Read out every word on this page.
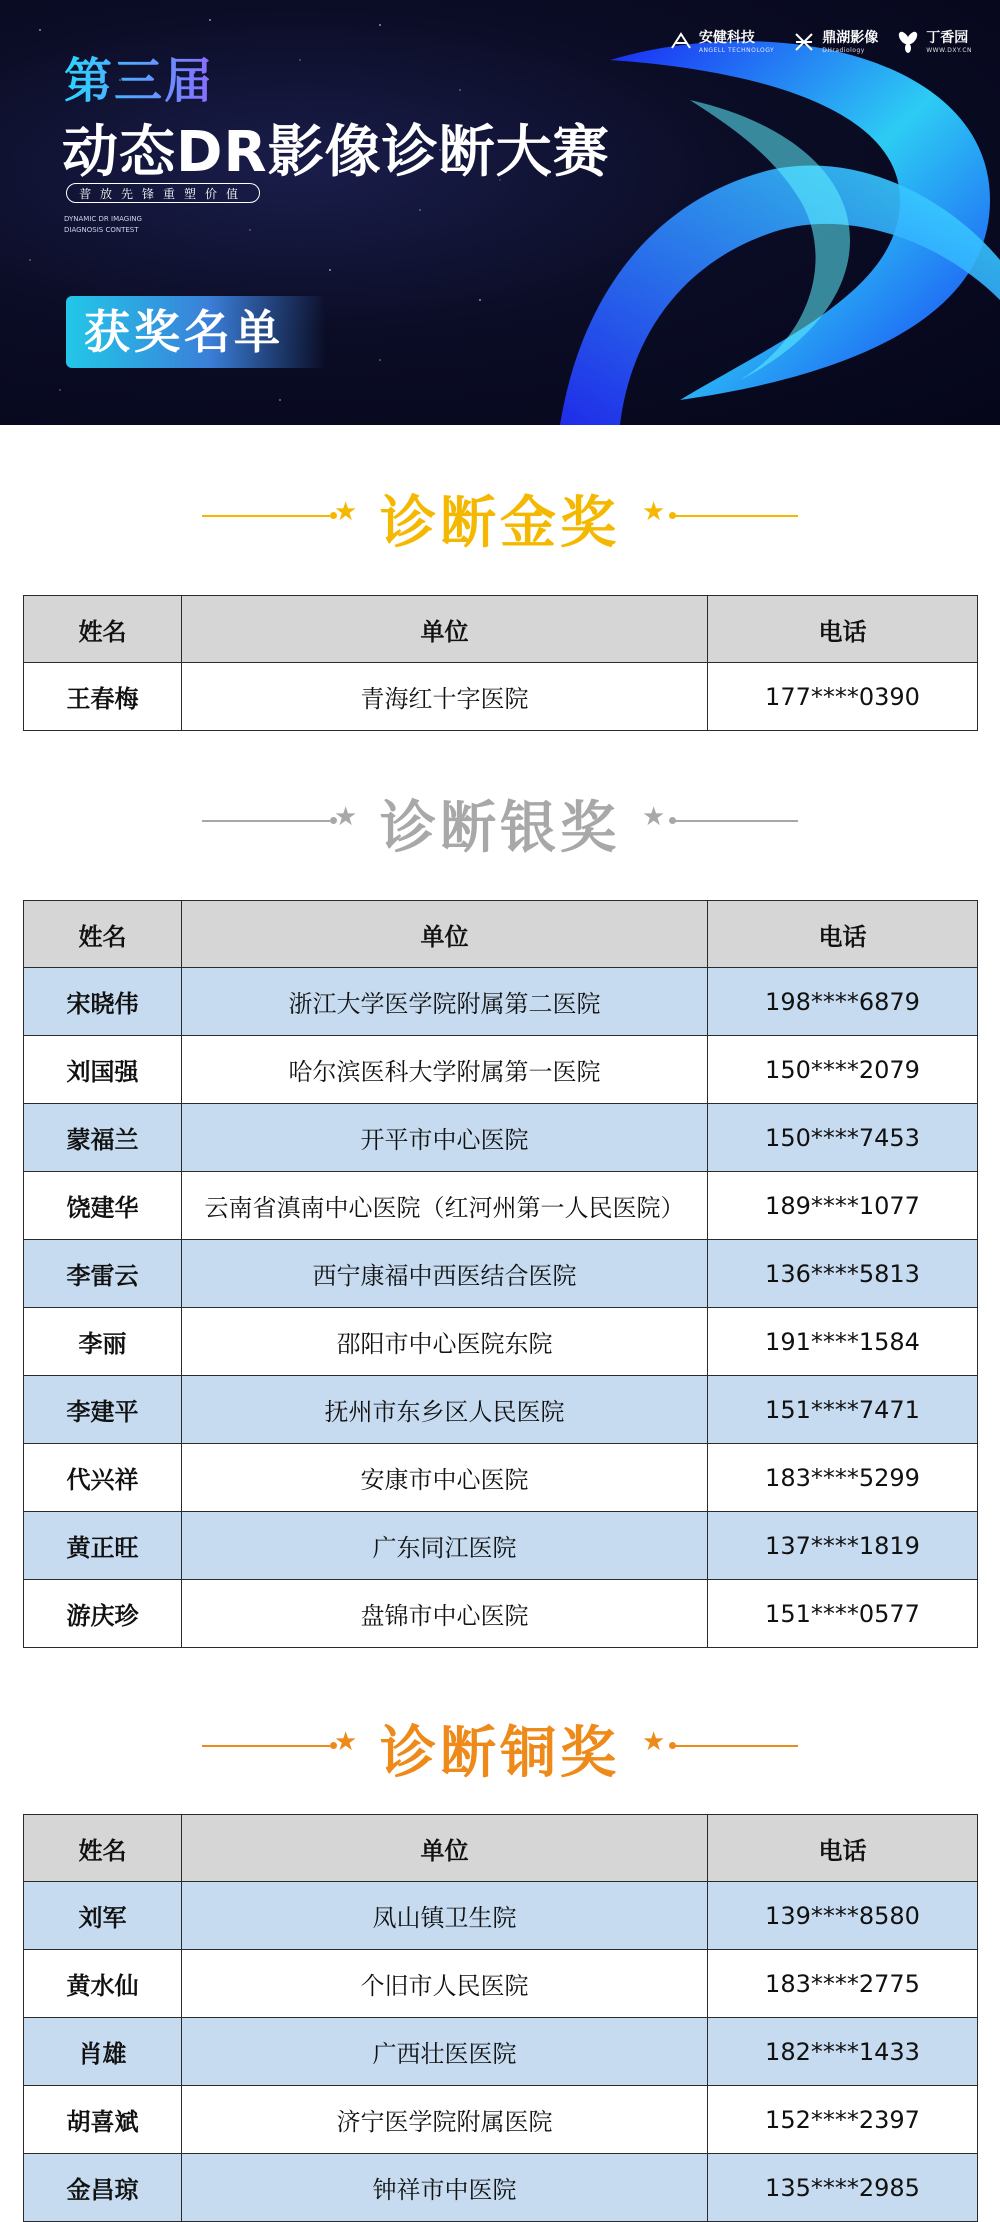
安健科技
ANGELL TECHNOLOGY
鼎湖影像
DHradiology
丁香园
WWW.DXY.CN
第三届
动态DR影像诊断大赛
普放先锋重塑价值
DYNAMIC DR IMAGING DIAGNOSIS CONTEST
获奖名单
★ 诊断金奖 ★
姓名	单位	电话
王春梅	青海红十字医院	177****0390
★ 诊断银奖 ★
姓名	单位	电话
宋晓伟	浙江大学医学院附属第二医院	198****6879
刘国强	哈尔滨医科大学附属第一医院	150****2079
蒙福兰	开平市中心医院	150****7453
饶建华	云南省滇南中心医院（红河州第一人民医院）	189****1077
李雷云	西宁康福中西医结合医院	136****5813
李丽	邵阳市中心医院东院	191****1584
李建平	抚州市东乡区人民医院	151****7471
代兴祥	安康市中心医院	183****5299
黄正旺	广东同江医院	137****1819
游庆珍	盘锦市中心医院	151****0577
★ 诊断铜奖 ★
姓名	单位	电话
刘军	凤山镇卫生院	139****8580
黄水仙	个旧市人民医院	183****2775
肖雄	广西壮医医院	182****1433
胡喜斌	济宁医学院附属医院	152****2397
金昌琼	钟祥市中医院	135****2985
